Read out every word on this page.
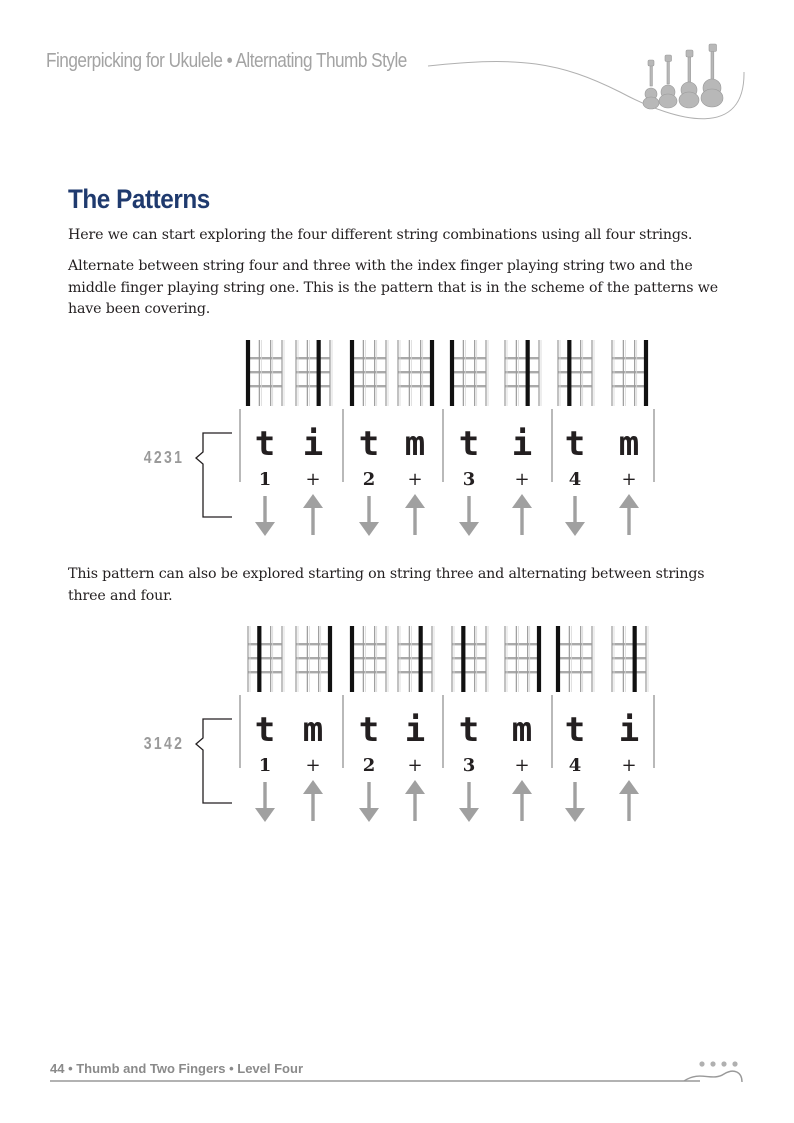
Fingerpicking for Ukulele • Alternating Thumb Style
The Patterns
Here we can start exploring the four different string combinations using all four strings.
Alternate between string four and three with the index finger playing string two and the middle finger playing string one. This is the pattern that is in the scheme of the patterns we have been covering.
4231 t
1
i
+
t
2
m
+
t
3
i
+
t
4
m
+
This pattern can also be explored starting on string three and alternating between strings three and four.
3142 t
1
m
+
t
2
i
+
t
3
m
+
t
4
i
+
44 • Thumb and Two Fingers • Level Four
